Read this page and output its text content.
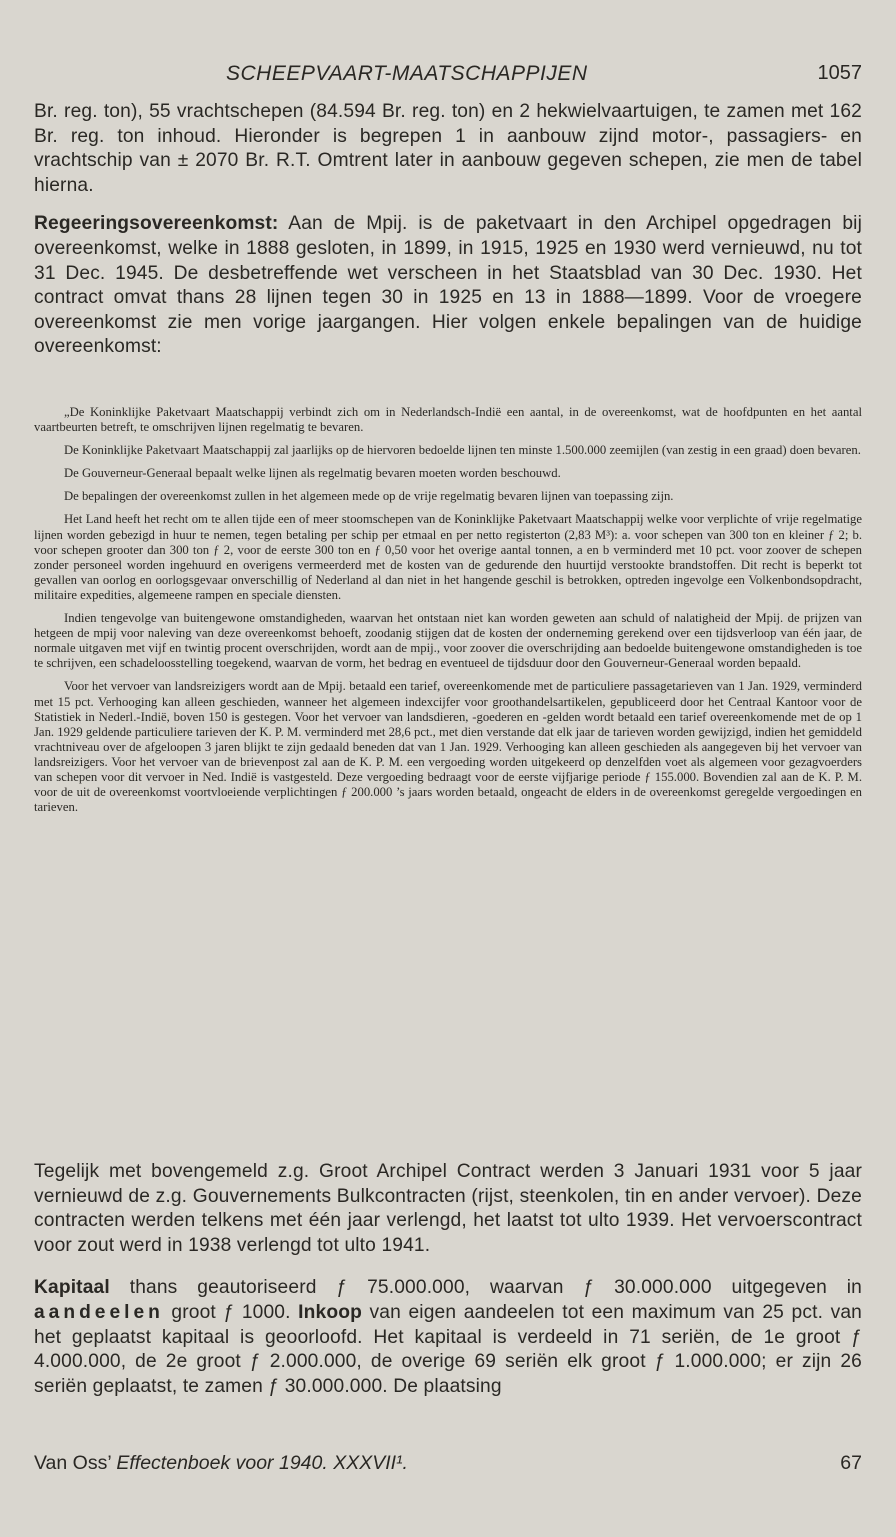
SCHEEPVAART-MAATSCHAPPIJEN	1057

Br. reg. ton), 55 vrachtschepen (84.594 Br. reg. ton) en 2 hekwielvaartuigen, te zamen met 162 Br. reg. ton inhoud. Hieronder is begrepen 1 in aanbouw zijnd motor-, passagiers- en vrachtschip van ± 2070 Br. R.T. Omtrent later in aanbouw gegeven schepen, zie men de tabel hierna.

Regeeringsovereenkomst: Aan de Mpij. is de paketvaart in den Archipel opgedragen bij overeenkomst, welke in 1888 gesloten, in 1899, in 1915, 1925 en 1930 werd vernieuwd, nu tot 31 Dec. 1945. De desbetreffende wet verscheen in het Staatsblad van 30 Dec. 1930. Het contract omvat thans 28 lijnen tegen 30 in 1925 en 13 in 1888—1899. Voor de vroegere overeenkomst zie men vorige jaargangen. Hier volgen enkele bepalingen van de huidige overeenkomst:

„De Koninklijke Paketvaart Maatschappij verbindt zich om in Nederlandsch-Indië een aantal, in de overeenkomst, wat de hoofdpunten en het aantal vaartbeurten betreft, te omschrijven lijnen regelmatig te bevaren.

De Koninklijke Paketvaart Maatschappij zal jaarlijks op de hiervoren bedoelde lijnen ten minste 1.500.000 zeemijlen (van zestig in een graad) doen bevaren.

De Gouverneur-Generaal bepaalt welke lijnen als regelmatig bevaren moeten worden beschouwd.

De bepalingen der overeenkomst zullen in het algemeen mede op de vrije regelmatig bevaren lijnen van toepassing zijn.

Het Land heeft het recht om te allen tijde een of meer stoomschepen van de Koninklijke Paketvaart Maatschappij welke voor verplichte of vrije regelmatige lijnen worden gebezigd in huur te nemen, tegen betaling per schip per etmaal en per netto registerton (2,83 M³): a. voor schepen van 300 ton en kleiner ƒ 2; b. voor schepen grooter dan 300 ton ƒ 2, voor de eerste 300 ton en ƒ 0,50 voor het overige aantal tonnen, a en b verminderd met 10 pct. voor zoover de schepen zonder personeel worden ingehuurd en overigens vermeerderd met de kosten van de gedurende den huurtijd verstookte brandstoffen. Dit recht is beperkt tot gevallen van oorlog en oorlogsgevaar onverschillig of Nederland al dan niet in het hangende geschil is betrokken, optreden ingevolge een Volkenbondsopdracht, militaire expedities, algemeene rampen en speciale diensten.

Indien tengevolge van buitengewone omstandigheden, waarvan het ontstaan niet kan worden geweten aan schuld of nalatigheid der Mpij. de prijzen van hetgeen de mpij voor naleving van deze overeenkomst behoeft, zoodanig stijgen dat de kosten der onderneming gerekend over een tijdsverloop van één jaar, de normale uitgaven met vijf en twintig procent overschrijden, wordt aan de mpij., voor zoover die overschrijding aan bedoelde buitengewone omstandigheden is toe te schrijven, een schadeloosstelling toegekend, waarvan de vorm, het bedrag en eventueel de tijdsduur door den Gouverneur-Generaal worden bepaald.

Voor het vervoer van landsreizigers wordt aan de Mpij. betaald een tarief, overeenkomende met de particuliere passagetarieven van 1 Jan. 1929, verminderd met 15 pct. Verhooging kan alleen geschieden, wanneer het algemeen indexcijfer voor groothandelsartikelen, gepubliceerd door het Centraal Kantoor voor de Statistiek in Nederl.-Indië, boven 150 is gestegen. Voor het vervoer van landsdieren, -goederen en -gelden wordt betaald een tarief overeenkomende met de op 1 Jan. 1929 geldende particuliere tarieven der K. P. M. verminderd met 28,6 pct., met dien verstande dat elk jaar de tarieven worden gewijzigd, indien het gemiddeld vrachtniveau over de afgeloopen 3 jaren blijkt te zijn gedaald beneden dat van 1 Jan. 1929. Verhooging kan alleen geschieden als aangegeven bij het vervoer van landsreizigers. Voor het vervoer van de brievenpost zal aan de K. P. M. een vergoeding worden uitgekeerd op denzelfden voet als algemeen voor gezagvoerders van schepen voor dit vervoer in Ned. Indië is vastgesteld. Deze vergoeding bedraagt voor de eerste vijfjarige periode ƒ 155.000. Bovendien zal aan de K. P. M. voor de uit de overeenkomst voortvloeiende verplichtingen ƒ 200.000 ’s jaars worden betaald, ongeacht de elders in de overeenkomst geregelde vergoedingen en tarieven.

Tegelijk met bovengemeld z.g. Groot Archipel Contract werden 3 Januari 1931 voor 5 jaar vernieuwd de z.g. Gouvernements Bulkcontracten (rijst, steenkolen, tin en ander vervoer). Deze contracten werden telkens met één jaar verlengd, het laatst tot ulto 1939. Het vervoerscontract voor zout werd in 1938 verlengd tot ulto 1941.

Kapitaal thans geautoriseerd ƒ 75.000.000, waarvan ƒ 30.000.000 uitgegeven in aandeelen groot ƒ 1000. Inkoop van eigen aandeelen tot een maximum van 25 pct. van het geplaatst kapitaal is geoorloofd. Het kapitaal is verdeeld in 71 seriën, de 1e groot ƒ 4.000.000, de 2e groot ƒ 2.000.000, de overige 69 seriën elk groot ƒ 1.000.000; er zijn 26 seriën geplaatst, te zamen ƒ 30.000.000. De plaatsing

Van Oss’ Effectenboek voor 1940. XXXVII¹.	67
